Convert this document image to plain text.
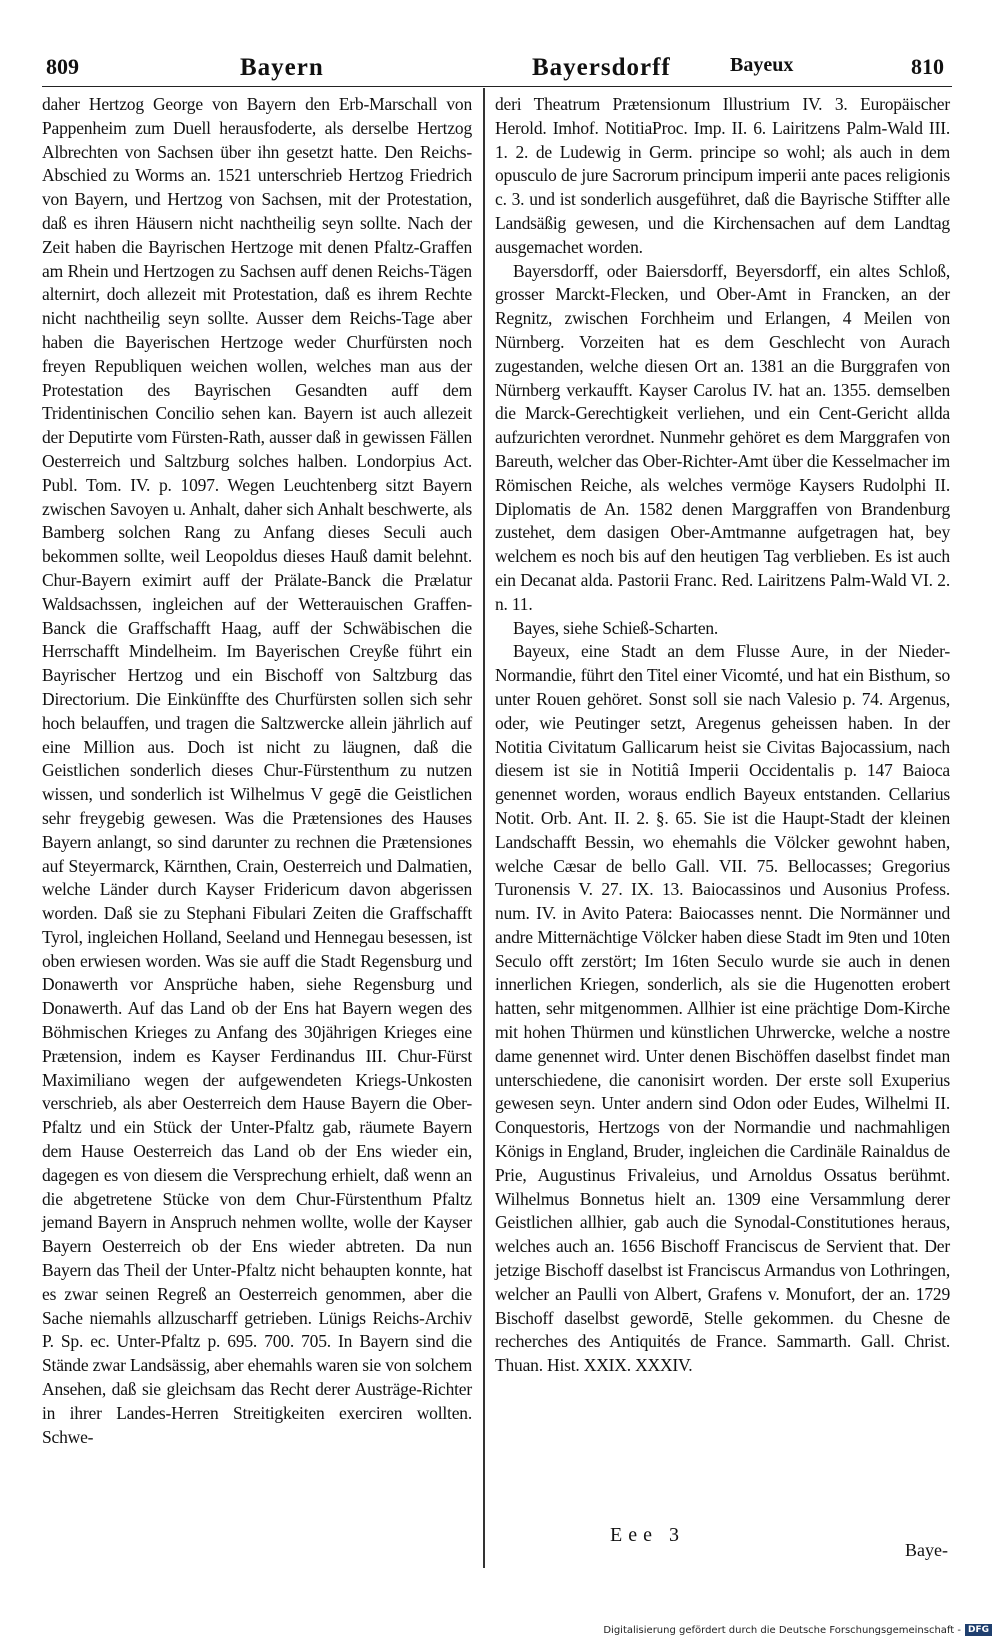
809	Bayern	Bayersdorff	Bayeux	810

daher Hertzog George von Bayern den Erb-Marschall von Pappenheim zum Duell herausfoderte, als derselbe Hertzog Albrechten von Sachsen über ihn gesetzt hatte. Den Reichs-Abschied zu Worms an. 1521 unterschrieb Hertzog Friedrich von Bayern, und Hertzog von Sachsen, mit der Protestation, daß es ihren Häusern nicht nachtheilig seyn sollte. Nach der Zeit haben die Bayrischen Hertzoge mit denen Pfaltz-Graffen am Rhein und Hertzogen zu Sachsen auff denen Reichs-Tägen alternirt, doch allezeit mit Protestation, daß es ihrem Rechte nicht nachtheilig seyn sollte. Ausser dem Reichs-Tage aber haben die Bayerischen Hertzoge weder Churfürsten noch freyen Republiquen weichen wollen, welches man aus der Protestation des Bayrischen Gesandten auff dem Tridentinischen Concilio sehen kan. Bayern ist auch allezeit der Deputirte vom Fürsten-Rath, ausser daß in gewissen Fällen Oesterreich und Saltzburg solches halben. Londorpius Act. Publ. Tom. IV. p. 1097. Wegen Leuchtenberg sitzt Bayern zwischen Savoyen u. Anhalt, daher sich Anhalt beschwerte, als Bamberg solchen Rang zu Anfang dieses Seculi auch bekommen sollte, weil Leopoldus dieses Hauß damit belehnt. Chur-Bayern eximirt auff der Prälate-Banck die Prælatur Waldsachssen, ingleichen auf der Wetterauischen Graffen-Banck die Graffschafft Haag, auff der Schwäbischen die Herrschafft Mindelheim. Im Bayerischen Creyße führt ein Bayrischer Hertzog und ein Bischoff von Saltzburg das Directorium. Die Einkünffte des Churfürsten sollen sich sehr hoch belauffen, und tragen die Saltzwercke allein jährlich auf eine Million aus. Doch ist nicht zu läugnen, daß die Geistlichen sonderlich dieses Chur-Fürstenthum zu nutzen wissen, und sonderlich ist Wilhelmus V gegē die Geistlichen sehr freygebig gewesen. Was die Prætensiones des Hauses Bayern anlangt, so sind darunter zu rechnen die Prætensiones auf Steyermarck, Kärnthen, Crain, Oesterreich und Dalmatien, welche Länder durch Kayser Fridericum davon abgerissen worden. Daß sie zu Stephani Fibulari Zeiten die Graffschafft Tyrol, ingleichen Holland, Seeland und Hennegau besessen, ist oben erwiesen worden. Was sie auff die Stadt Regensburg und Donawerth vor Ansprüche haben, siehe Regensburg und Donawerth. Auf das Land ob der Ens hat Bayern wegen des Böhmischen Krieges zu Anfang des 30jährigen Krieges eine Prætension, indem es Kayser Ferdinandus III. Chur-Fürst Maximiliano wegen der aufgewendeten Kriegs-Unkosten verschrieb, als aber Oesterreich dem Hause Bayern die Ober-Pfaltz und ein Stück der Unter-Pfaltz gab, räumete Bayern dem Hause Oesterreich das Land ob der Ens wieder ein, dagegen es von diesem die Versprechung erhielt, daß wenn an die abgetretene Stücke von dem Chur-Fürstenthum Pfaltz jemand Bayern in Anspruch nehmen wollte, wolle der Kayser Bayern Oesterreich ob der Ens wieder abtreten. Da nun Bayern das Theil der Unter-Pfaltz nicht behaupten konnte, hat es zwar seinen Regreß an Oesterreich genommen, aber die Sache niemahls allzuscharff getrieben. Lünigs Reichs-Archiv P. Sp. ec. Unter-Pfaltz p. 695. 700. 705. In Bayern sind die Stände zwar Landsässig, aber ehemahls waren sie von solchem Ansehen, daß sie gleichsam das Recht derer Austräge-Richter in ihrer Landes-Herren Streitigkeiten exerciren wollten. Schwe-

deri Theatrum Prætensionum Illustrium IV. 3. Europäischer Herold. Imhof. NotitiaProc. Imp. II. 6. Lairitzens Palm-Wald III. 1. 2. de Ludewig in Germ. principe so wohl; als auch in dem opusculo de jure Sacrorum principum imperii ante paces religionis c. 3. und ist sonderlich ausgeführet, daß die Bayrische Stiffter alle Landsäßig gewesen, und die Kirchensachen auf dem Landtag ausgemachet worden.

Bayersdorff, oder Baiersdorff, Beyersdorff, ein altes Schloß, grosser Marckt-Flecken, und Ober-Amt in Francken, an der Regnitz, zwischen Forchheim und Erlangen, 4 Meilen von Nürnberg. Vorzeiten hat es dem Geschlecht von Aurach zugestanden, welche diesen Ort an. 1381 an die Burggrafen von Nürnberg verkaufft. Kayser Carolus IV. hat an. 1355. demselben die Marck-Gerechtigkeit verliehen, und ein Cent-Gericht allda aufzurichten verordnet. Nunmehr gehöret es dem Marggrafen von Bareuth, welcher das Ober-Richter-Amt über die Kesselmacher im Römischen Reiche, als welches vermöge Kaysers Rudolphi II. Diplomatis de An. 1582 denen Marggraffen von Brandenburg zustehet, dem dasigen Ober-Amtmanne aufgetragen hat, bey welchem es noch bis auf den heutigen Tag verblieben. Es ist auch ein Decanat alda. Pastorii Franc. Red. Lairitzens Palm-Wald VI. 2. n. 11.

Bayes, siehe Schieß-Scharten.

Bayeux, eine Stadt an dem Flusse Aure, in der Nieder-Normandie, führt den Titel einer Vicomté, und hat ein Bisthum, so unter Rouen gehöret. Sonst soll sie nach Valesio p. 74. Argenus, oder, wie Peutinger setzt, Aregenus geheissen haben. In der Notitia Civitatum Gallicarum heist sie Civitas Bajocassium, nach diesem ist sie in Notitiâ Imperii Occidentalis p. 147 Baioca genennet worden, woraus endlich Bayeux entstanden. Cellarius Notit. Orb. Ant. II. 2. §. 65. Sie ist die Haupt-Stadt der kleinen Landschafft Bessin, wo ehemahls die Völcker gewohnt haben, welche Cæsar de bello Gall. VII. 75. Bellocasses; Gregorius Turonensis V. 27. IX. 13. Baiocassinos und Ausonius Profess. num. IV. in Avito Patera: Baiocasses nennt. Die Normänner und andre Mitternächtige Völcker haben diese Stadt im 9ten und 10ten Seculo offt zerstört; Im 16ten Seculo wurde sie auch in denen innerlichen Kriegen, sonderlich, als sie die Hugenotten erobert hatten, sehr mitgenommen. Allhier ist eine prächtige Dom-Kirche mit hohen Thürmen und künstlichen Uhrwercke, welche a nostre dame genennet wird. Unter denen Bischöffen daselbst findet man unterschiedene, die canonisirt worden. Der erste soll Exuperius gewesen seyn. Unter andern sind Odon oder Eudes, Wilhelmi II. Conquestoris, Hertzogs von der Normandie und nachmahligen Königs in England, Bruder, ingleichen die Cardinäle Rainaldus de Prie, Augustinus Frivaleius, und Arnoldus Ossatus berühmt. Wilhelmus Bonnetus hielt an. 1309 eine Versammlung derer Geistlichen allhier, gab auch die Synodal-Constitutiones heraus, welches auch an. 1656 Bischoff Franciscus de Servient that. Der jetzige Bischoff daselbst ist Franciscus Armandus von Lothringen, welcher an Paulli von Albert, Grafens v. Monufort, der an. 1729 Bischoff daselbst gewordē, Stelle gekommen. du Chesne de recherches des Antiquités de France. Sammarth. Gall. Christ. Thuan. Hist. XXIX. XXXIV.

Eee 3
Baye-
Digitalisierung gefördert durch die Deutsche Forschungsgemeinschaft - DFG
